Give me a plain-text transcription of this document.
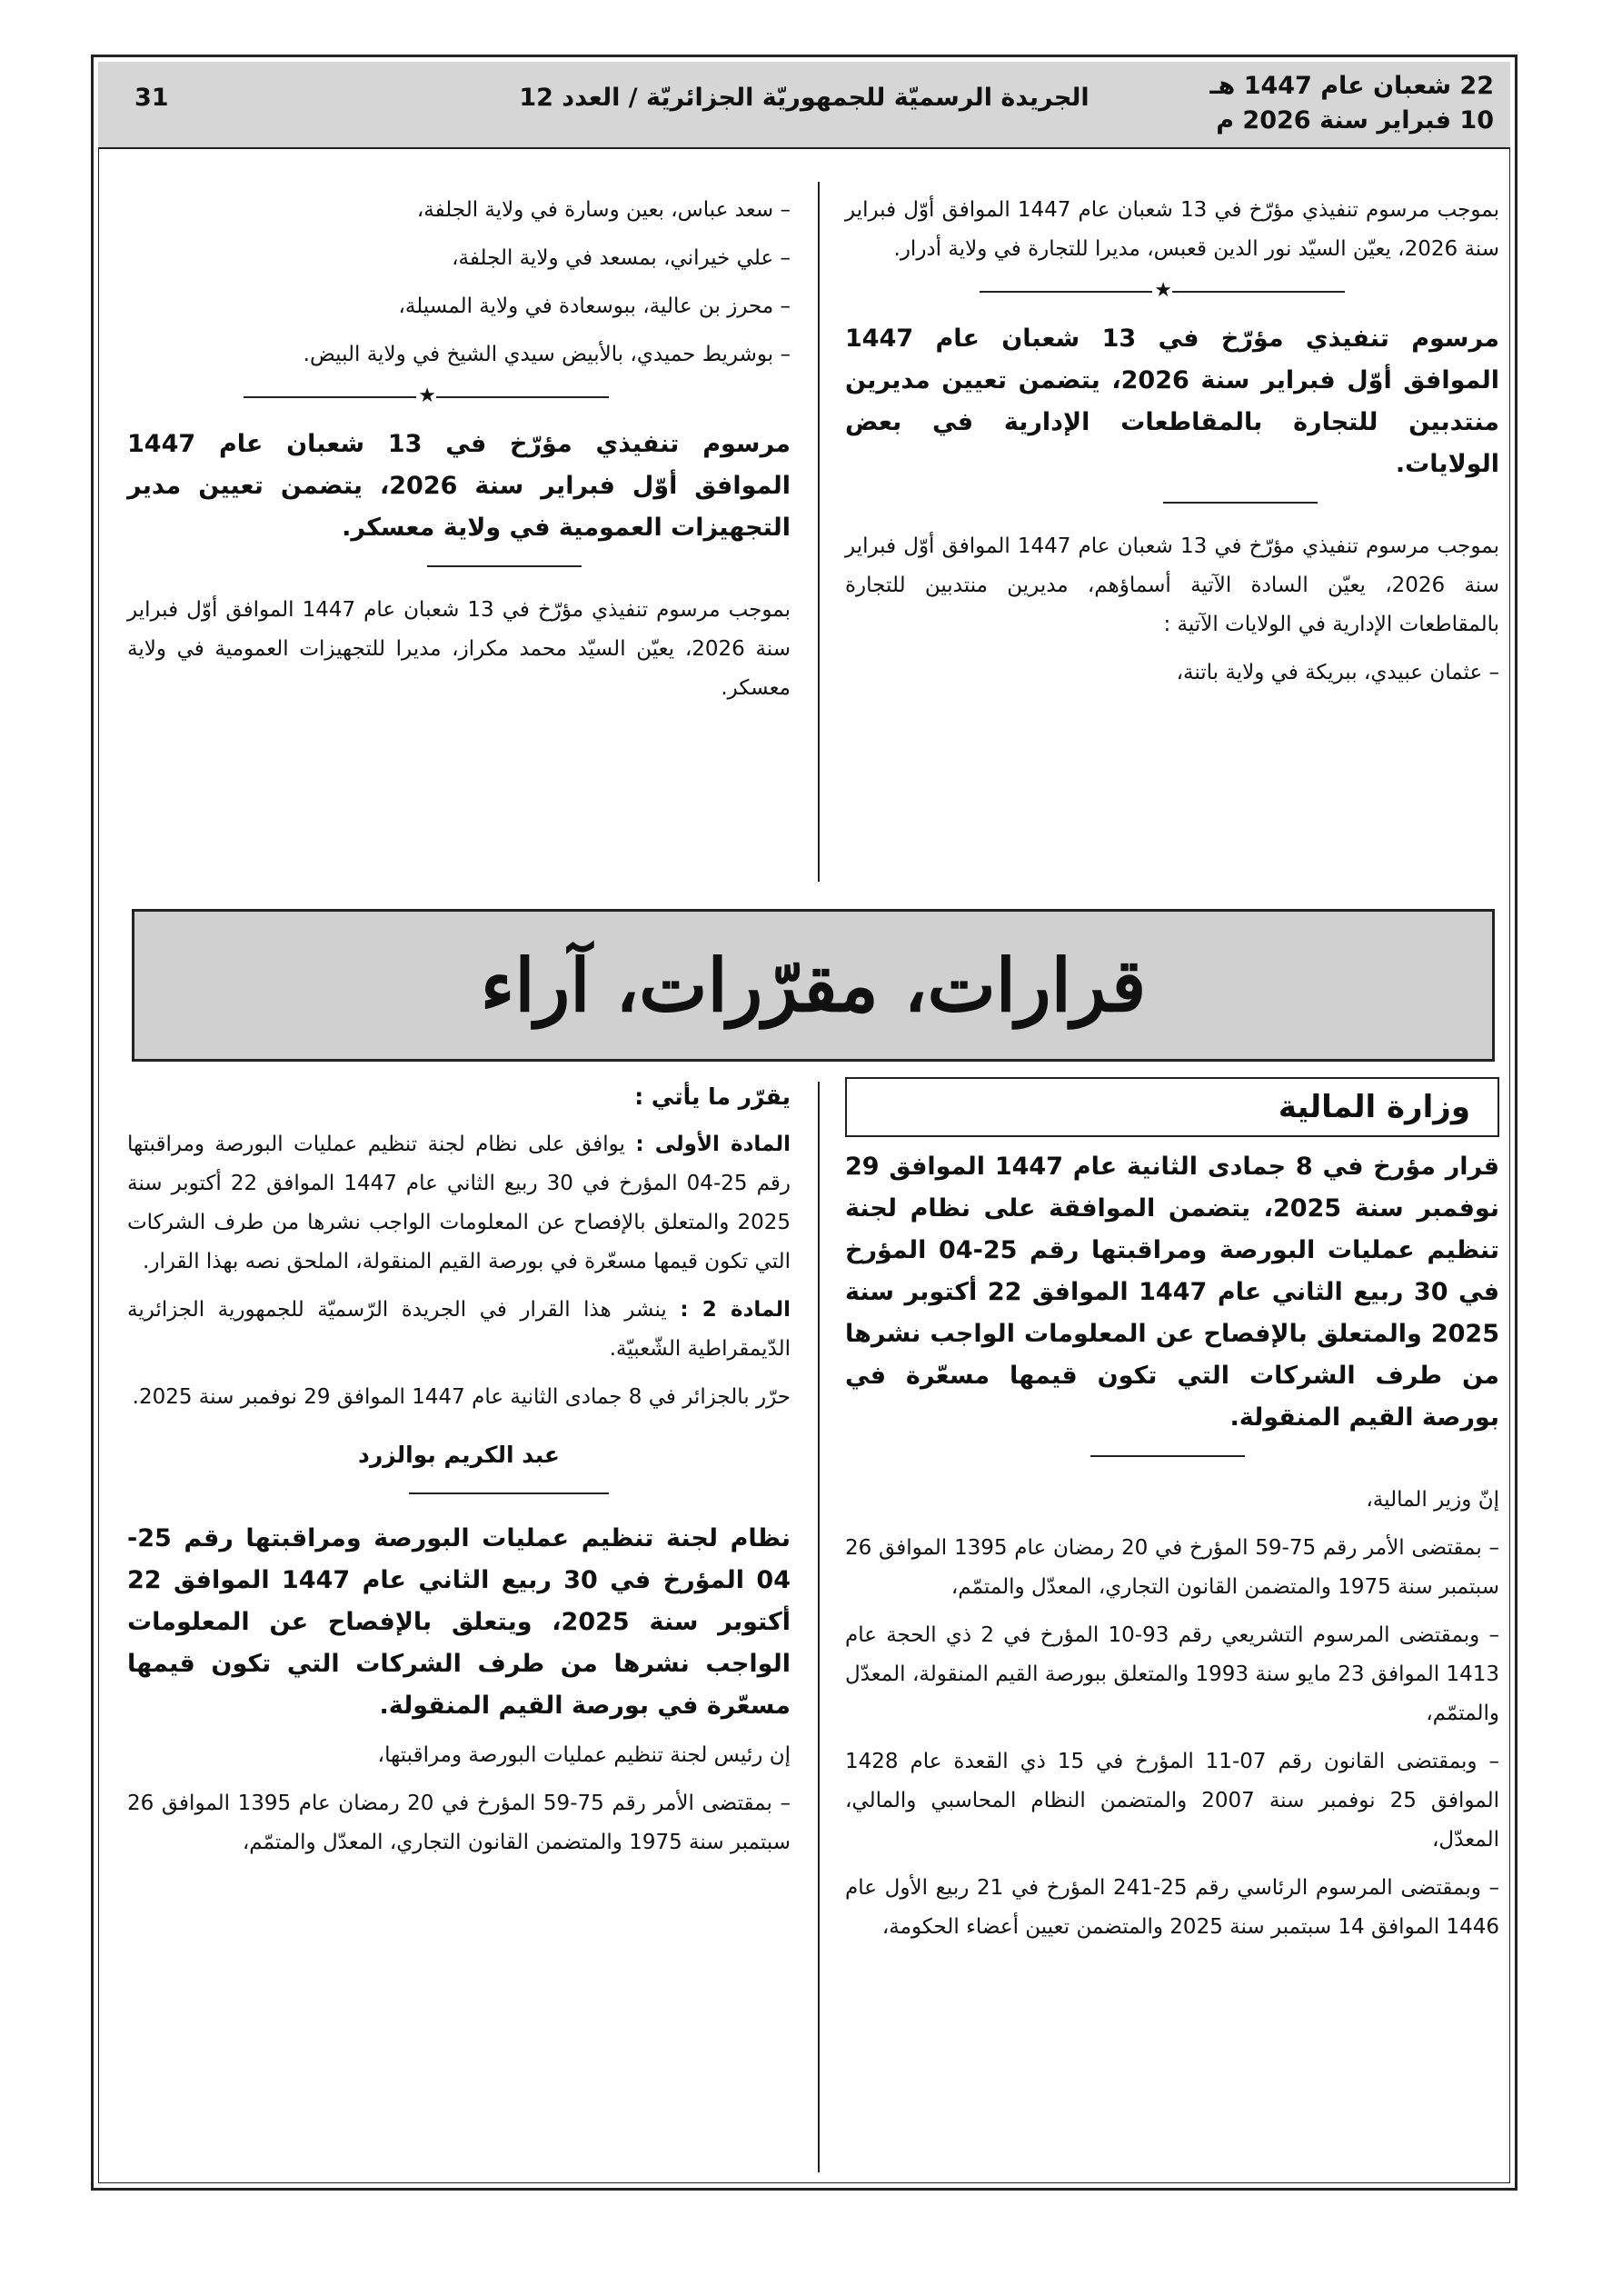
22 شعبان عام 1447 هـ
10 فبراير سنة 2026 م
الجريدة الرسميّة للجمهوريّة الجزائريّة / العدد 12
31

بموجب مرسوم تنفيذي مؤرّخ في 13 شعبان عام 1447 الموافق أوّل فبراير سنة 2026، يعيّن السيّد نور الدين قعبس، مديرا للتجارة في ولاية أدرار.

★
مرسوم تنفيذي مؤرّخ في 13 شعبان عام 1447 الموافق أوّل فبراير سنة 2026، يتضمن تعيين مديرين منتدبين للتجارة بالمقاطعات الإدارية في بعض الولايات.

بموجب مرسوم تنفيذي مؤرّخ في 13 شعبان عام 1447 الموافق أوّل فبراير سنة 2026، يعيّن السادة الآتية أسماؤهم، مديرين منتدبين للتجارة بالمقاطعات الإدارية في الولايات الآتية :

– عثمان عبيدي، ببريكة في ولاية باتنة،

– سعد عباس، بعين وسارة في ولاية الجلفة،

– علي خيراني، بمسعد في ولاية الجلفة،

– محرز بن عالية، ببوسعادة في ولاية المسيلة،

– بوشريط حميدي، بالأبيض سيدي الشيخ في ولاية البيض.

★
مرسوم تنفيذي مؤرّخ في 13 شعبان عام 1447 الموافق أوّل فبراير سنة 2026، يتضمن تعيين مدير التجهيزات العمومية في ولاية معسكر.

بموجب مرسوم تنفيذي مؤرّخ في 13 شعبان عام 1447 الموافق أوّل فبراير سنة 2026، يعيّن السيّد محمد مكراز، مديرا للتجهيزات العمومية في ولاية معسكر.

قرارات، مقرّرات، آراء
وزارة المالية
قرار مؤرخ في 8 جمادى الثانية عام 1447 الموافق 29 نوفمبر سنة 2025، يتضمن الموافقة على نظام لجنة تنظيم عمليات البورصة ومراقبتها رقم 25-04 المؤرخ في 30 ربيع الثاني عام 1447 الموافق 22 أكتوبر سنة 2025 والمتعلق بالإفصاح عن المعلومات الواجب نشرها من طرف الشركات التي تكون قيمها مسعّرة في بورصة القيم المنقولة.

إنّ وزير المالية،

– بمقتضى الأمر رقم 75-59 المؤرخ في 20 رمضان عام 1395 الموافق 26 سبتمبر سنة 1975 والمتضمن القانون التجاري، المعدّل والمتمّم،

– وبمقتضى المرسوم التشريعي رقم 93-10 المؤرخ في 2 ذي الحجة عام 1413 الموافق 23 مايو سنة 1993 والمتعلق ببورصة القيم المنقولة، المعدّل والمتمّم،

– وبمقتضى القانون رقم 07-11 المؤرخ في 15 ذي القعدة عام 1428 الموافق 25 نوفمبر سنة 2007 والمتضمن النظام المحاسبي والمالي، المعدّل،

– وبمقتضى المرسوم الرئاسي رقم 25-241 المؤرخ في 21 ربيع الأول عام 1446 الموافق 14 سبتمبر سنة 2025 والمتضمن تعيين أعضاء الحكومة،

يقرّر ما يأتي :

المادة الأولى : يوافق على نظام لجنة تنظيم عمليات البورصة ومراقبتها رقم 25-04 المؤرخ في 30 ربيع الثاني عام 1447 الموافق 22 أكتوبر سنة 2025 والمتعلق بالإفصاح عن المعلومات الواجب نشرها من طرف الشركات التي تكون قيمها مسعّرة في بورصة القيم المنقولة، الملحق نصه بهذا القرار.

المادة 2 : ينشر هذا القرار في الجريدة الرّسميّة للجمهورية الجزائرية الدّيمقراطية الشّعبيّة.

حرّر بالجزائر في 8 جمادى الثانية عام 1447 الموافق 29 نوفمبر سنة 2025.

عبد الكريم بوالزرد
نظام لجنة تنظيم عمليات البورصة ومراقبتها رقم 25-04 المؤرخ في 30 ربيع الثاني عام 1447 الموافق 22 أكتوبر سنة 2025، ويتعلق بالإفصاح عن المعلومات الواجب نشرها من طرف الشركات التي تكون قيمها مسعّرة في بورصة القيم المنقولة.

إن رئيس لجنة تنظيم عمليات البورصة ومراقبتها،

– بمقتضى الأمر رقم 75-59 المؤرخ في 20 رمضان عام 1395 الموافق 26 سبتمبر سنة 1975 والمتضمن القانون التجاري، المعدّل والمتمّم،
